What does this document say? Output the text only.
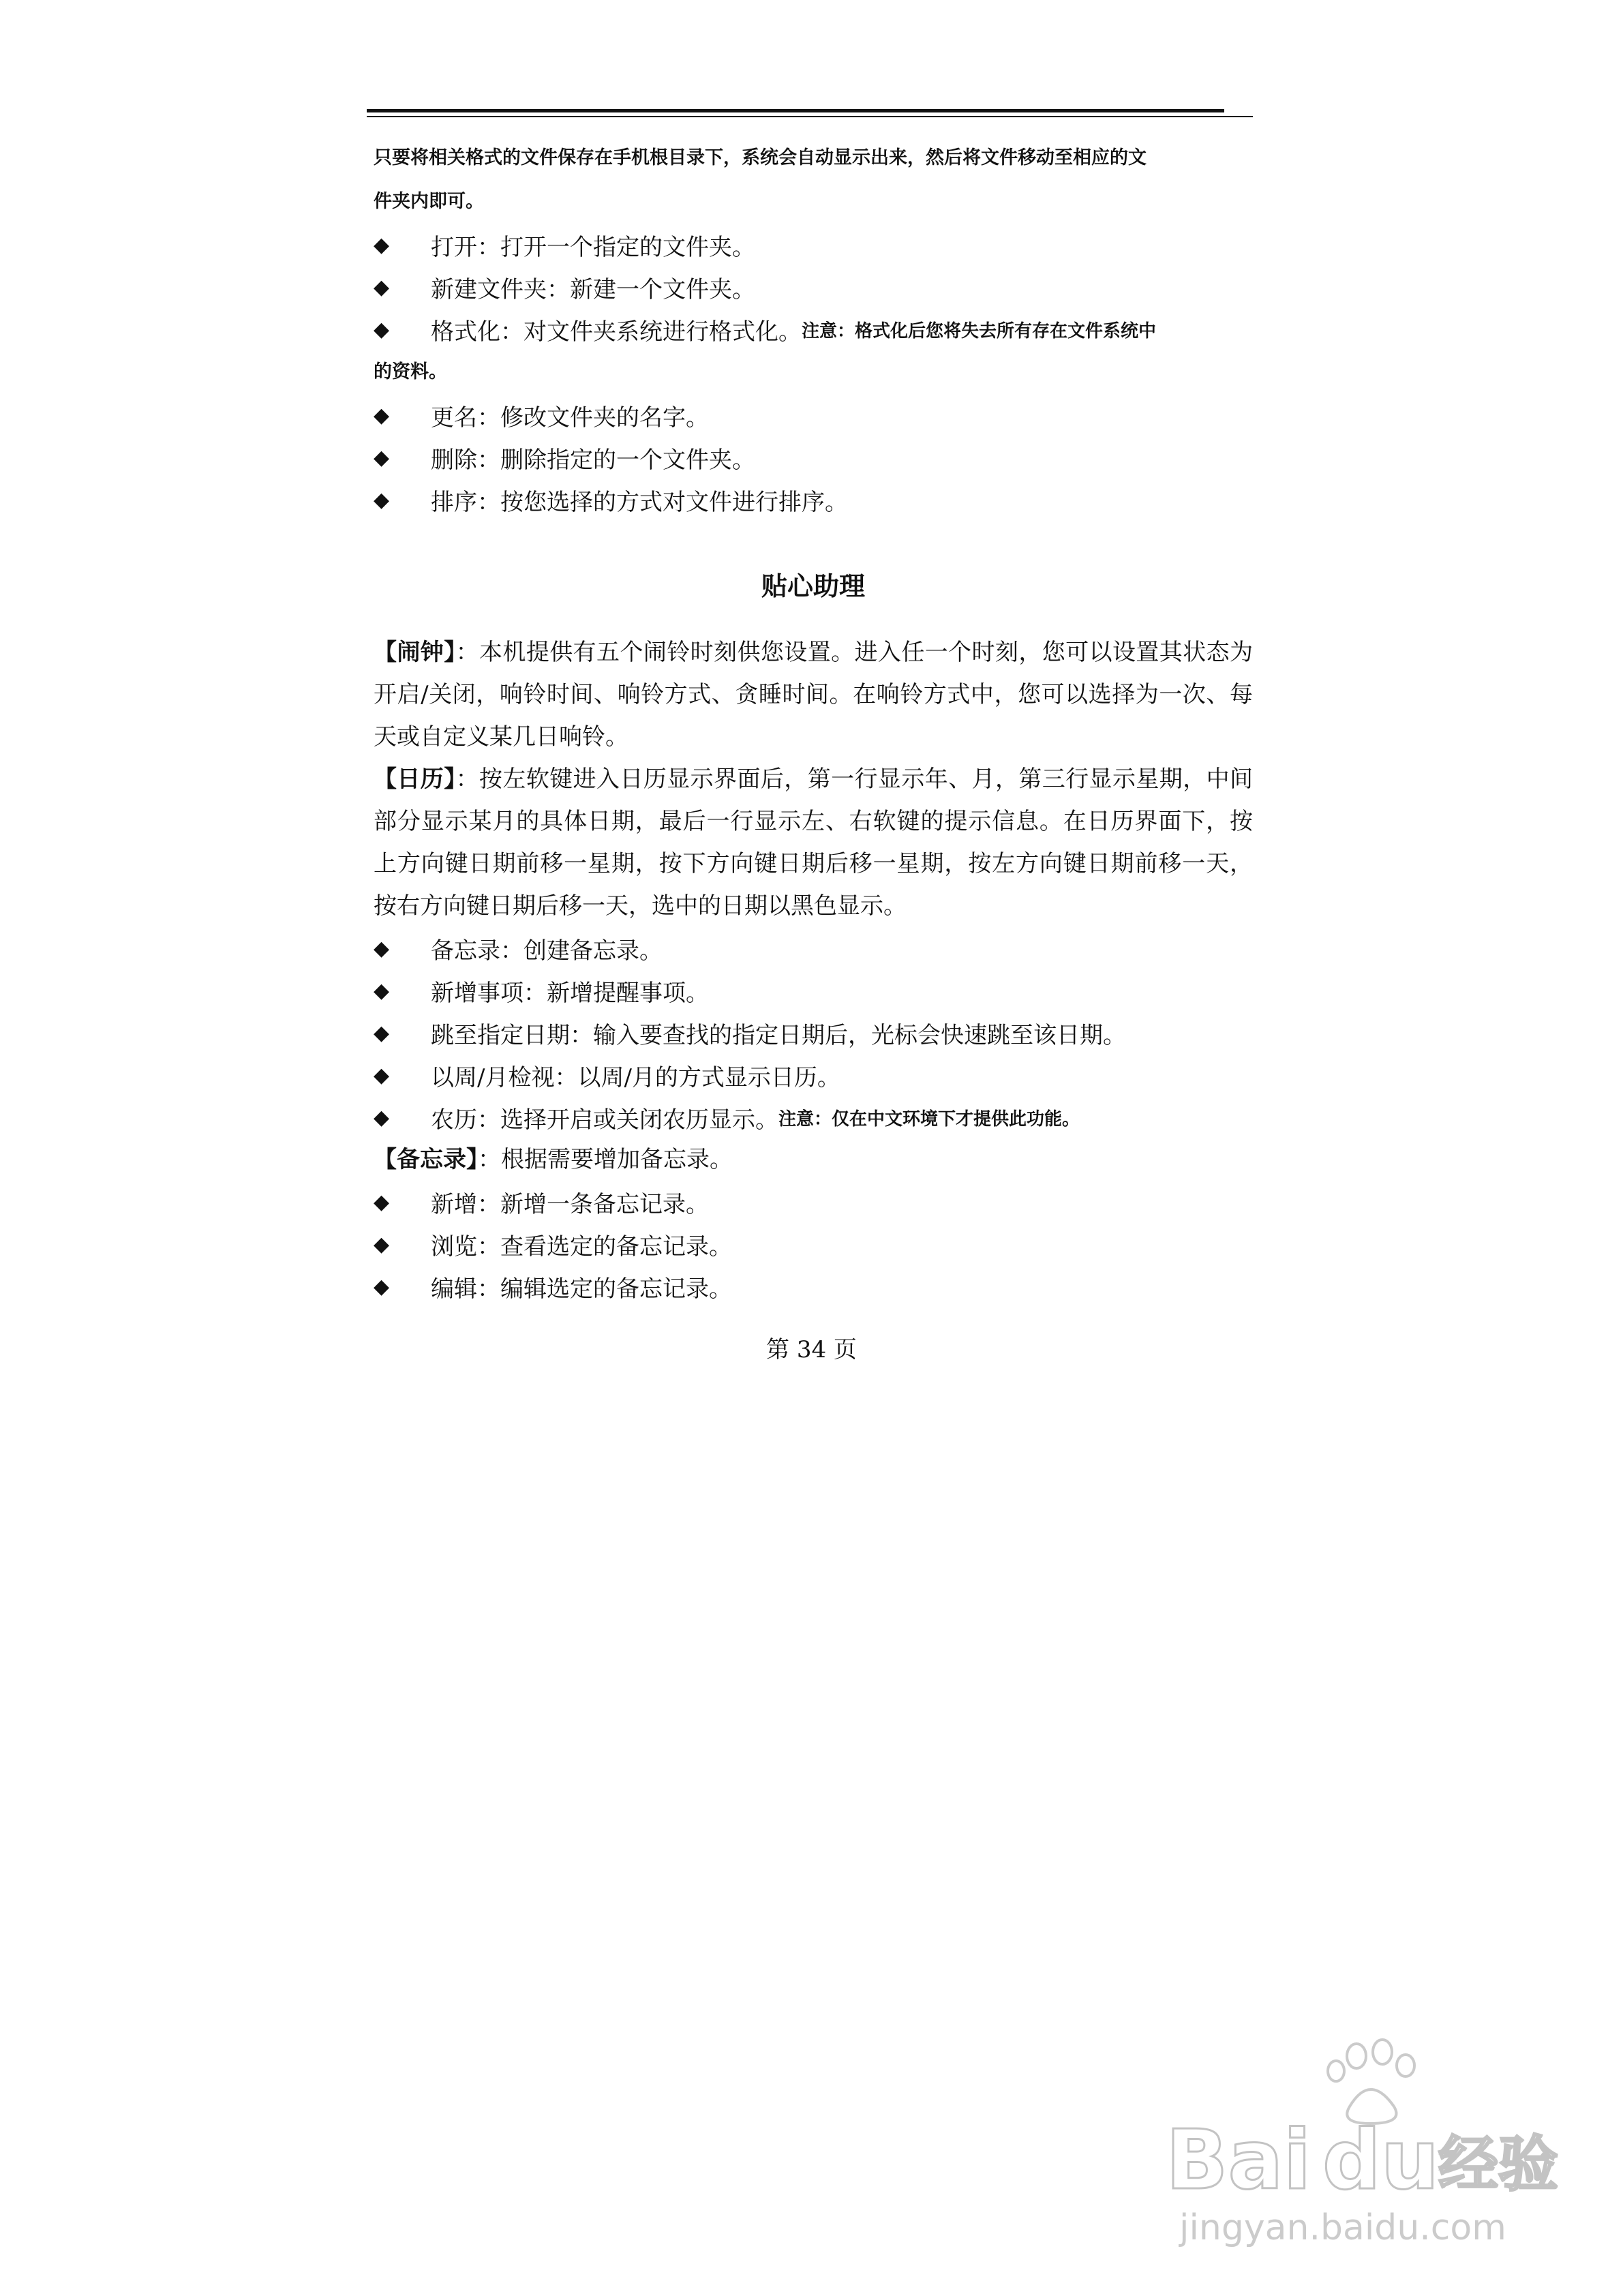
只要将相关格式的文件保存在手机根目录下，系统会自动显示出来，然后将文件移动至相应的文

件夹内即可。

◆	打开：打开一个指定的文件夹。
◆	新建文件夹：新建一个文件夹。
◆	格式化：对文件夹系统进行格式化。 注意：格式化后您将失去所有存在文件系统中

的资料。

◆	更名：修改文件夹的名字。
◆	删除：删除指定的一个文件夹。
◆	排序：按您选择的方式对文件进行排序。
贴心助理

【闹钟】：本机提供有五个闹铃时刻供您设置。进入任一个时刻，您可以设置其状态为开启/关闭，响铃时间、响铃方式、贪睡时间。在响铃方式中，您可以选择为一次、每天或自定义某几日响铃。

【日历】：按左软键进入日历显示界面后，第一行显示年、月，第三行显示星期，中间部分显示某月的具体日期，最后一行显示左、右软键的提示信息。在日历界面下，按上方向键日期前移一星期，按下方向键日期后移一星期，按左方向键日期前移一天，按右方向键日期后移一天，选中的日期以黑色显示。

◆	备忘录：创建备忘录。
◆	新增事项：新增提醒事项。
◆	跳至指定日期：输入要查找的指定日期后，光标会快速跳至该日期。
◆	以周/月检视：以周/月的方式显示日历。
◆	农历：选择开启或关闭农历显示。 注意：仅在中文环境下才提供此功能。

【备忘录】：根据需要增加备忘录。

◆	新增：新增一条备忘记录。
◆	浏览：查看选定的备忘记录。
◆	编辑：编辑选定的备忘记录。
第 34 页
Bai du
经验
jingyan.baidu.com
